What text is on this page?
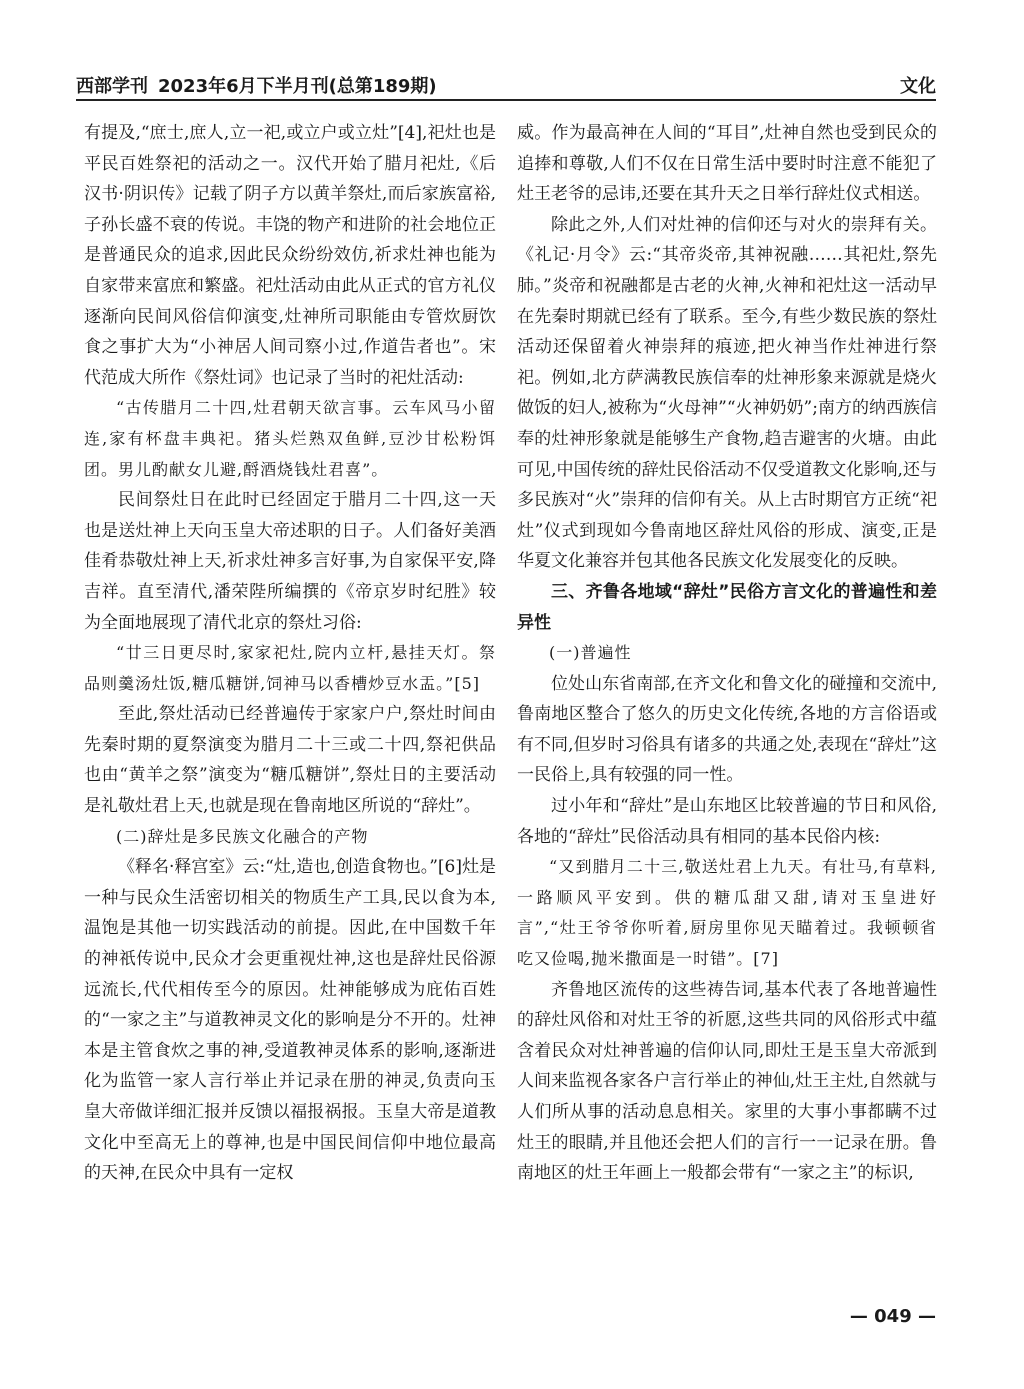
西部学刊 2023年6月下半月刊(总第189期)	文化

有提及,“庶士,庶人,立一祀,或立户或立灶”[4],祀灶也是平民百姓祭祀的活动之一。汉代开始了腊月祀灶,《后汉书·阴识传》记载了阴子方以黄羊祭灶,而后家族富裕,子孙长盛不衰的传说。丰饶的物产和进阶的社会地位正是普通民众的追求,因此民众纷纷效仿,祈求灶神也能为自家带来富庶和繁盛。祀灶活动由此从正式的官方礼仪逐渐向民间风俗信仰演变,灶神所司职能由专管炊厨饮食之事扩大为“小神居人间司察小过,作道告者也”。宋代范成大所作《祭灶词》也记录了当时的祀灶活动:

“古传腊月二十四,灶君朝天欲言事。云车风马小留连,家有杯盘丰典祀。猪头烂熟双鱼鲜,豆沙甘松粉饵团。男儿酌献女儿避,酹酒烧钱灶君喜”。

民间祭灶日在此时已经固定于腊月二十四,这一天也是送灶神上天向玉皇大帝述职的日子。人们备好美酒佳肴恭敬灶神上天,祈求灶神多言好事,为自家保平安,降吉祥。直至清代,潘荣陛所编撰的《帝京岁时纪胜》较为全面地展现了清代北京的祭灶习俗:

“廿三日更尽时,家家祀灶,院内立杆,悬挂天灯。祭品则羹汤灶饭,糖瓜糖饼,饲神马以香槽炒豆水盂。”[5]

至此,祭灶活动已经普遍传于家家户户,祭灶时间由先秦时期的夏祭演变为腊月二十三或二十四,祭祀供品也由“黄羊之祭”演变为“糖瓜糖饼”,祭灶日的主要活动是礼敬灶君上天,也就是现在鲁南地区所说的“辞灶”。

(二)辞灶是多民族文化融合的产物

《释名·释宫室》云:“灶,造也,创造食物也。”[6]灶是一种与民众生活密切相关的物质生产工具,民以食为本,温饱是其他一切实践活动的前提。因此,在中国数千年的神祇传说中,民众才会更重视灶神,这也是辞灶民俗源远流长,代代相传至今的原因。灶神能够成为庇佑百姓的“一家之主”与道教神灵文化的影响是分不开的。灶神本是主管食炊之事的神,受道教神灵体系的影响,逐渐进化为监管一家人言行举止并记录在册的神灵,负责向玉皇大帝做详细汇报并反馈以福报祸报。玉皇大帝是道教文化中至高无上的尊神,也是中国民间信仰中地位最高的天神,在民众中具有一定权

威。作为最高神在人间的“耳目”,灶神自然也受到民众的追捧和尊敬,人们不仅在日常生活中要时时注意不能犯了灶王老爷的忌讳,还要在其升天之日举行辞灶仪式相送。

除此之外,人们对灶神的信仰还与对火的崇拜有关。《礼记·月令》云:“其帝炎帝,其神祝融……其祀灶,祭先肺。”炎帝和祝融都是古老的火神,火神和祀灶这一活动早在先秦时期就已经有了联系。至今,有些少数民族的祭灶活动还保留着火神崇拜的痕迹,把火神当作灶神进行祭祀。例如,北方萨满教民族信奉的灶神形象来源就是烧火做饭的妇人,被称为“火母神”“火神奶奶”;南方的纳西族信奉的灶神形象就是能够生产食物,趋吉避害的火塘。由此可见,中国传统的辞灶民俗活动不仅受道教文化影响,还与多民族对“火”崇拜的信仰有关。从上古时期官方正统“祀灶”仪式到现如今鲁南地区辞灶风俗的形成、演变,正是华夏文化兼容并包其他各民族文化发展变化的反映。

三、齐鲁各地域“辞灶”民俗方言文化的普遍性和差异性

(一)普遍性

位处山东省南部,在齐文化和鲁文化的碰撞和交流中,鲁南地区整合了悠久的历史文化传统,各地的方言俗语或有不同,但岁时习俗具有诸多的共通之处,表现在“辞灶”这一民俗上,具有较强的同一性。

过小年和“辞灶”是山东地区比较普遍的节日和风俗,各地的“辞灶”民俗活动具有相同的基本民俗内核:

“又到腊月二十三,敬送灶君上九天。有壮马,有草料,一路顺风平安到。供的糖瓜甜又甜,请对玉皇进好言”,“灶王爷爷你听着,厨房里你见天瞄着过。我顿顿省吃又俭喝,抛米撒面是一时错”。[7]

齐鲁地区流传的这些祷告词,基本代表了各地普遍性的辞灶风俗和对灶王爷的祈愿,这些共同的风俗形式中蕴含着民众对灶神普遍的信仰认同,即灶王是玉皇大帝派到人间来监视各家各户言行举止的神仙,灶王主灶,自然就与人们所从事的活动息息相关。家里的大事小事都瞒不过灶王的眼睛,并且他还会把人们的言行一一记录在册。鲁南地区的灶王年画上一般都会带有“一家之主”的标识,

— 049 —
